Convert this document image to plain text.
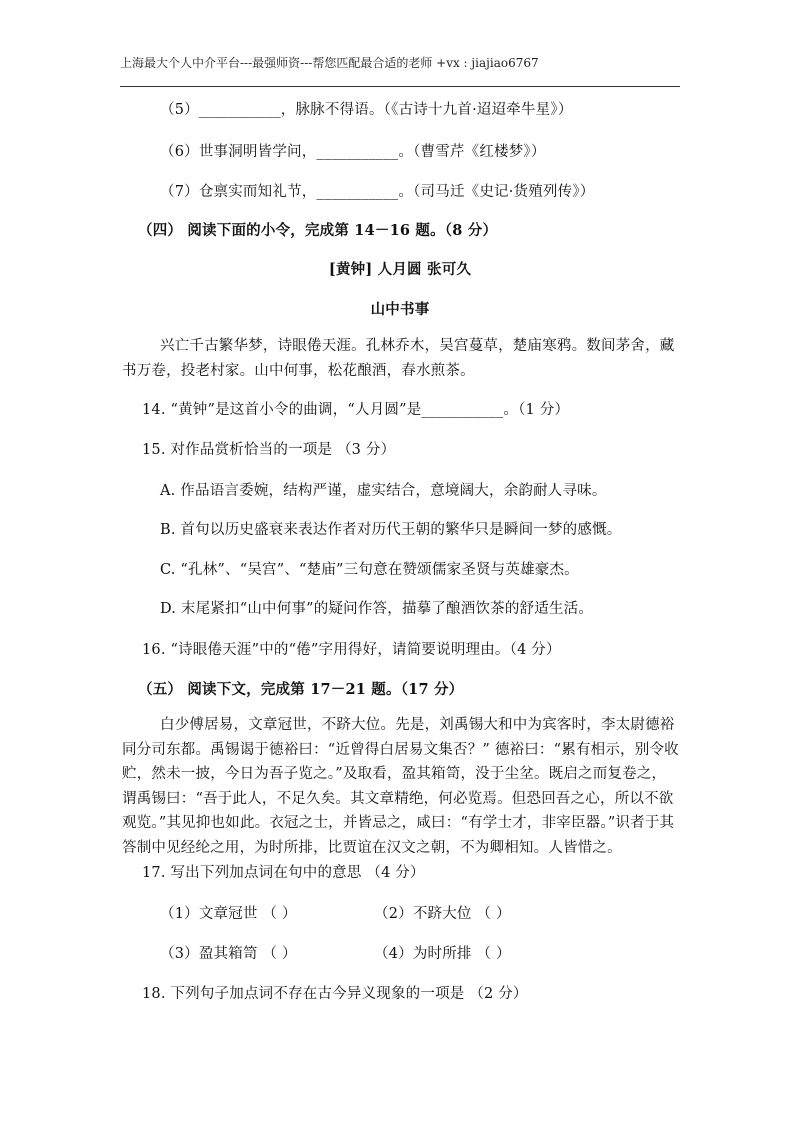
上海最大个人中介平台---最强师资---帮您匹配最合适的老师 +vx : jiajiao6767
（5）___________，脉脉不得语。（《古诗十九首·迢迢牵牛星》）
（6）世事洞明皆学问，___________。（曹雪芹《红楼梦》）
（7）仓禀实而知礼节，___________。（司马迁《史记·货殖列传》）
（四） 阅读下面的小令，完成第 14－16 题。（8 分）
[黄钟] 人月圆 张可久
山中书事
兴亡千古繁华梦，诗眼倦天涯。孔林乔木，吴宫蔓草，楚庙寒鸦。数间茅舍，藏
书万卷，投老村家。山中何事，松花酿酒，春水煎茶。
14. “黄钟”是这首小令的曲调，“人月圆”是___________。（1 分）
15. 对作品赏析恰当的一项是 （3 分）
A. 作品语言委婉，结构严谨，虚实结合，意境阔大，余韵耐人寻味。
B. 首句以历史盛衰来表达作者对历代王朝的繁华只是瞬间一梦的感慨。
C. “孔林”、“吴宫”、“楚庙”三句意在赞颂儒家圣贤与英雄豪杰。
D. 末尾紧扣“山中何事”的疑问作答，描摹了酿酒饮茶的舒适生活。
16. “诗眼倦天涯”中的“倦”字用得好，请简要说明理由。（4 分）
（五） 阅读下文，完成第 17－21 题。（17 分）
白少傅居易，文章冠世，不跻大位。先是，刘禹锡大和中为宾客时，李太尉德裕
同分司东都。禹锡谒于德裕曰：“近曾得白居易文集否？” 德裕曰：“累有相示，别令收
贮，然未一披，今日为吾子览之。”及取看，盈其箱笥，没于尘坌。既启之而复卷之，
谓禹锡曰：“吾于此人，不足久矣。其文章精绝，何必览焉。但恐回吾之心，所以不欲
观览。”其见抑也如此。衣冠之士，并皆忌之，咸曰：“有学士才，非宰臣器。”识者于其
答制中见经纶之用，为时所排，比贾谊在汉文之朝，不为卿相知。人皆惜之。
17. 写出下列加点词在句中的意思 （4 分）
（1）文章冠世 （ ）	（2）不跻大位 （ ）
（3）盈其箱笥 （ ）	（4）为时所排 （ ）
18. 下列句子加点词不存在古今异义现象的一项是 （2 分）
